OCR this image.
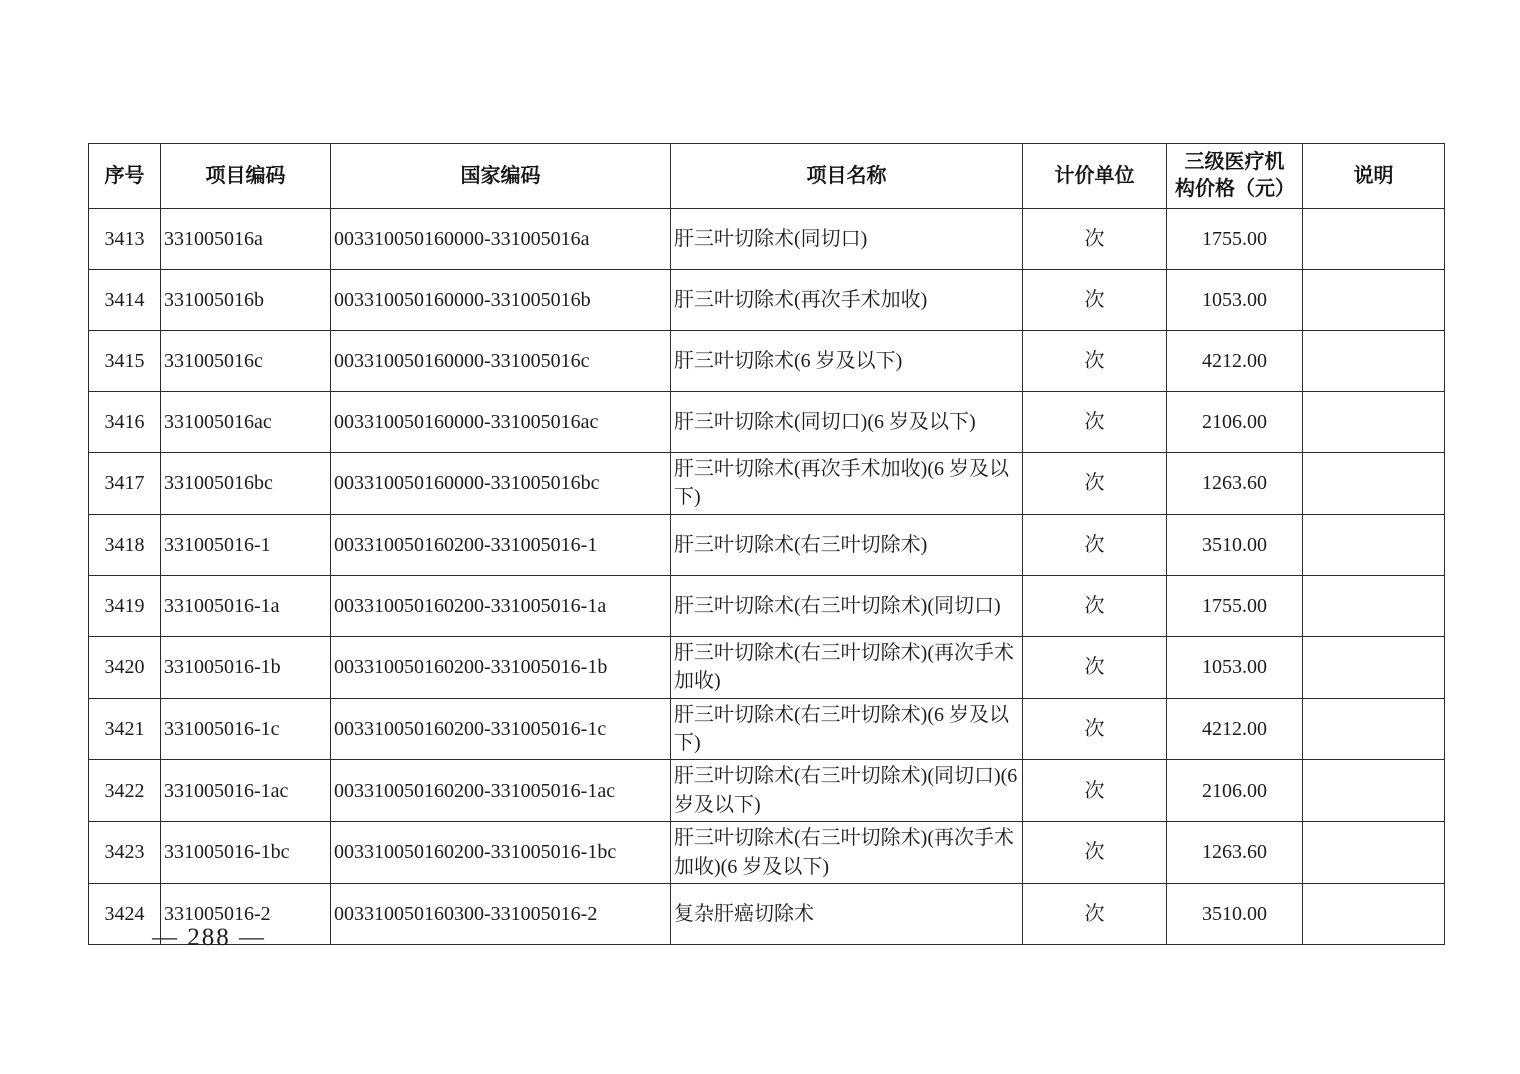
序号	项目编码	国家编码	项目名称	计价单位	三级医疗机构价格（元）	说明
3413	331005016a	003310050160000-331005016a	肝三叶切除术(同切口)	次	1755.00	
3414	331005016b	003310050160000-331005016b	肝三叶切除术(再次手术加收)	次	1053.00	
3415	331005016c	003310050160000-331005016c	肝三叶切除术(6 岁及以下)	次	4212.00	
3416	331005016ac	003310050160000-331005016ac	肝三叶切除术(同切口)(6 岁及以下)	次	2106.00	
3417	331005016bc	003310050160000-331005016bc	肝三叶切除术(再次手术加收)(6 岁及以下)	次	1263.60	
3418	331005016-1	003310050160200-331005016-1	肝三叶切除术(右三叶切除术)	次	3510.00	
3419	331005016-1a	003310050160200-331005016-1a	肝三叶切除术(右三叶切除术)(同切口)	次	1755.00	
3420	331005016-1b	003310050160200-331005016-1b	肝三叶切除术(右三叶切除术)(再次手术加收)	次	1053.00	
3421	331005016-1c	003310050160200-331005016-1c	肝三叶切除术(右三叶切除术)(6 岁及以下)	次	4212.00	
3422	331005016-1ac	003310050160200-331005016-1ac	肝三叶切除术(右三叶切除术)(同切口)(6 岁及以下)	次	2106.00	
3423	331005016-1bc	003310050160200-331005016-1bc	肝三叶切除术(右三叶切除术)(再次手术加收)(6 岁及以下)	次	1263.60	
3424	331005016-2	003310050160300-331005016-2	复杂肝癌切除术	次	3510.00	
— 288 —
